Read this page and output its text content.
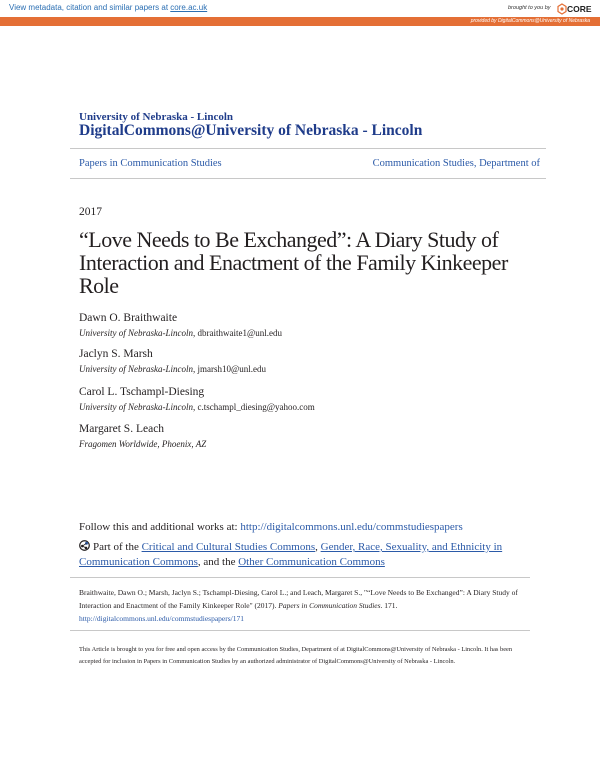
View metadata, citation and similar papers at core.ac.uk	brought to you by CORE
provided by DigitalCommons@University of Nebraska
University of Nebraska - Lincoln
DigitalCommons@University of Nebraska - Lincoln
Papers in Communication Studies	Communication Studies, Department of
2017
“Love Needs to Be Exchanged”: A Diary Study of
Interaction and Enactment of the Family Kinkeeper
Role
Dawn O. Braithwaite
University of Nebraska-Lincoln, dbraithwaite1@unl.edu
Jaclyn S. Marsh
University of Nebraska-Lincoln, jmarsh10@unl.edu
Carol L. Tschampl-Diesing
University of Nebraska-Lincoln, c.tschampl_diesing@yahoo.com
Margaret S. Leach
Fragomen Worldwide, Phoenix, AZ
Follow this and additional works at: http://digitalcommons.unl.edu/commstudiespapers
Part of the Critical and Cultural Studies Commons, Gender, Race, Sexuality, and Ethnicity in Communication Commons, and the Other Communication Commons
Braithwaite, Dawn O.; Marsh, Jaclyn S.; Tschampl-Diesing, Carol L.; and Leach, Margaret S., "“Love Needs to Be Exchanged”: A Diary Study of Interaction and Enactment of the Family Kinkeeper Role" (2017). Papers in Communication Studies. 171.
http://digitalcommons.unl.edu/commstudiespapers/171
This Article is brought to you for free and open access by the Communication Studies, Department of at DigitalCommons@University of Nebraska - Lincoln. It has been accepted for inclusion in Papers in Communication Studies by an authorized administrator of DigitalCommons@University of Nebraska - Lincoln.
